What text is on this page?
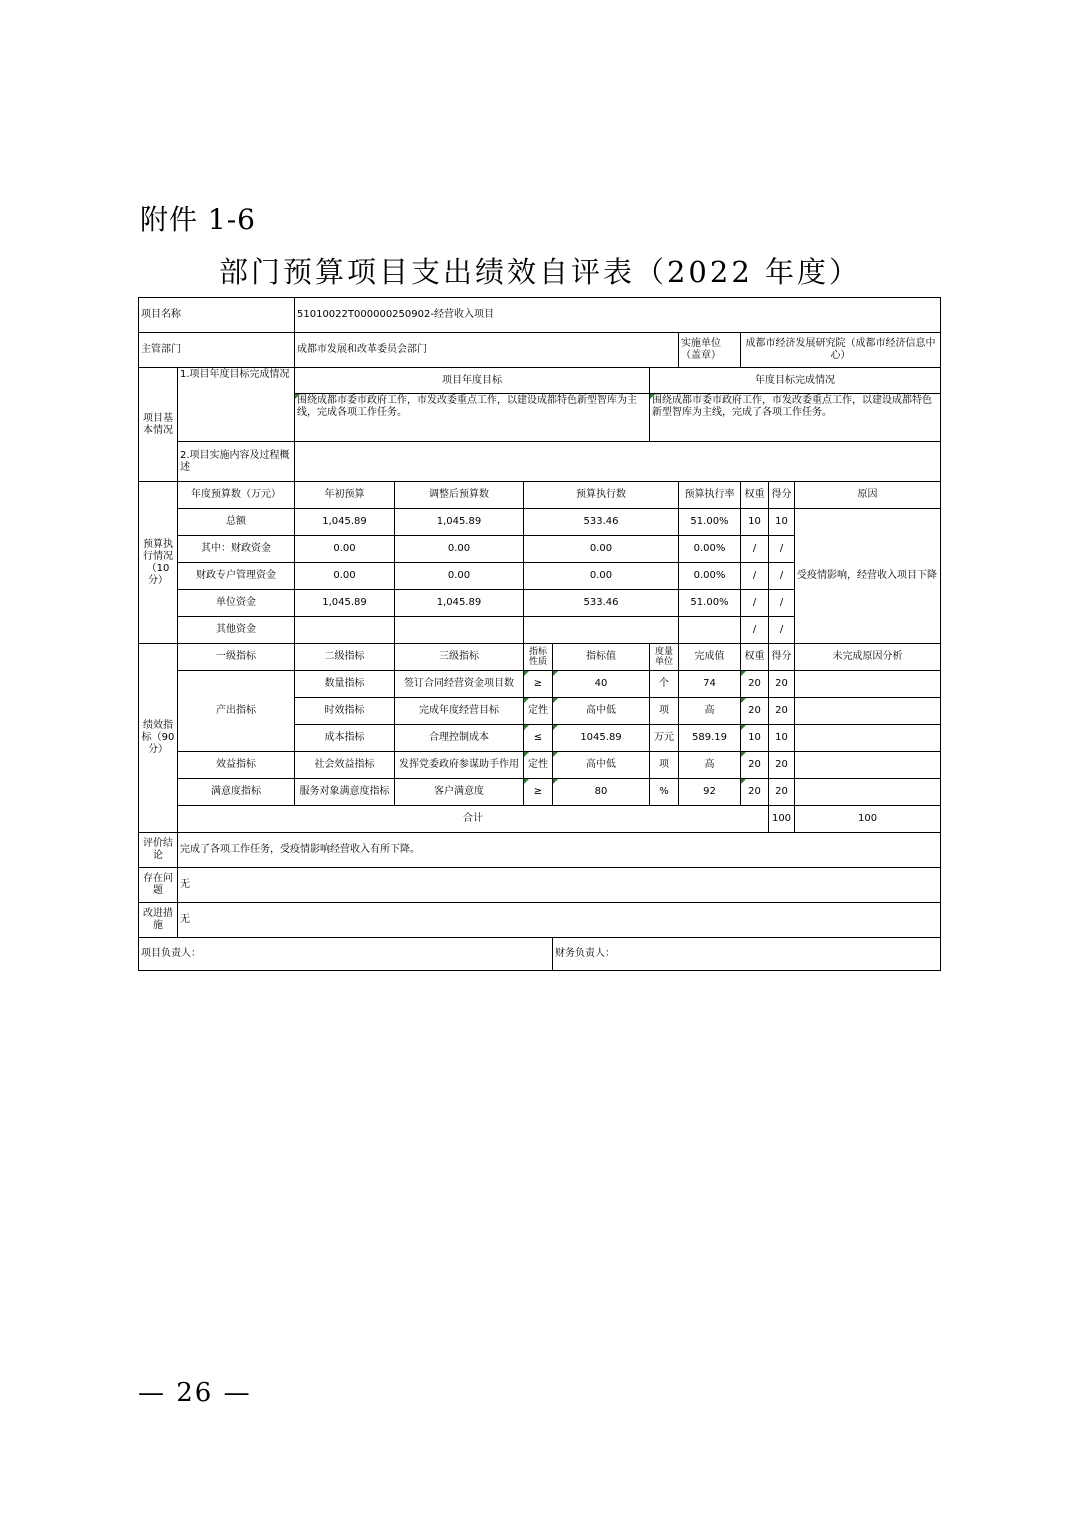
附件 1-6
部门预算项目支出绩效自评表（2022 年度）
项目名称		51010022T000000250902-经营收入项目									
主管部门		成都市发展和改革委员会部门					实施单位（盖章）	成都市经济发展研究院（成都市经济信息中心）			
项目基本情况	1.项目年度目标完成情况	项目年度目标				年度目标完成情况					
		围绕成都市委市政府工作，市发改委重点工作，以建设成都特色新型智库为主线，完成各项工作任务。				围绕成都市委市政府工作，市发改委重点工作，以建设成都特色新型智库为主线，完成了各项工作任务。					
	2.项目实施内容及过程概述										
预算执行情况（10分）	年度预算数（万元）	年初预算	调整后预算数	预算执行数			预算执行率	权重	得分	原因	
	总额	1,045.89	1,045.89	533.46			51.00%	10	10	受疫情影响，经营收入项目下降	
	其中：财政资金	0.00	0.00	0.00			0.00%	/	/		
	财政专户管理资金	0.00	0.00	0.00			0.00%	/	/		
	单位资金	1,045.89	1,045.89	533.46			51.00%	/	/		
	其他资金							/	/		
绩效指标（90分）	一级指标	二级指标	三级指标	指标性质	指标值	度量单位	完成值	权重	得分	未完成原因分析	
	产出指标	数量指标	签订合同经营资金项目数	≥	40	个	74	20	20		
		时效指标	完成年度经营目标	定性	高中低	项	高	20	20		
		成本指标	合理控制成本	≤	1045.89	万元	589.19	10	10		
	效益指标	社会效益指标	发挥党委政府参谋助手作用	定性	高中低	项	高	20	20		
	满意度指标	服务对象满意度指标	客户满意度	≥	80	%	92	20	20		
	合计								100	100	
评价结论	完成了各项工作任务，受疫情影响经营收入有所下降。										
存在问题	无										
改进措施	无										
项目负责人：					财务负责人：						
— 26 —
